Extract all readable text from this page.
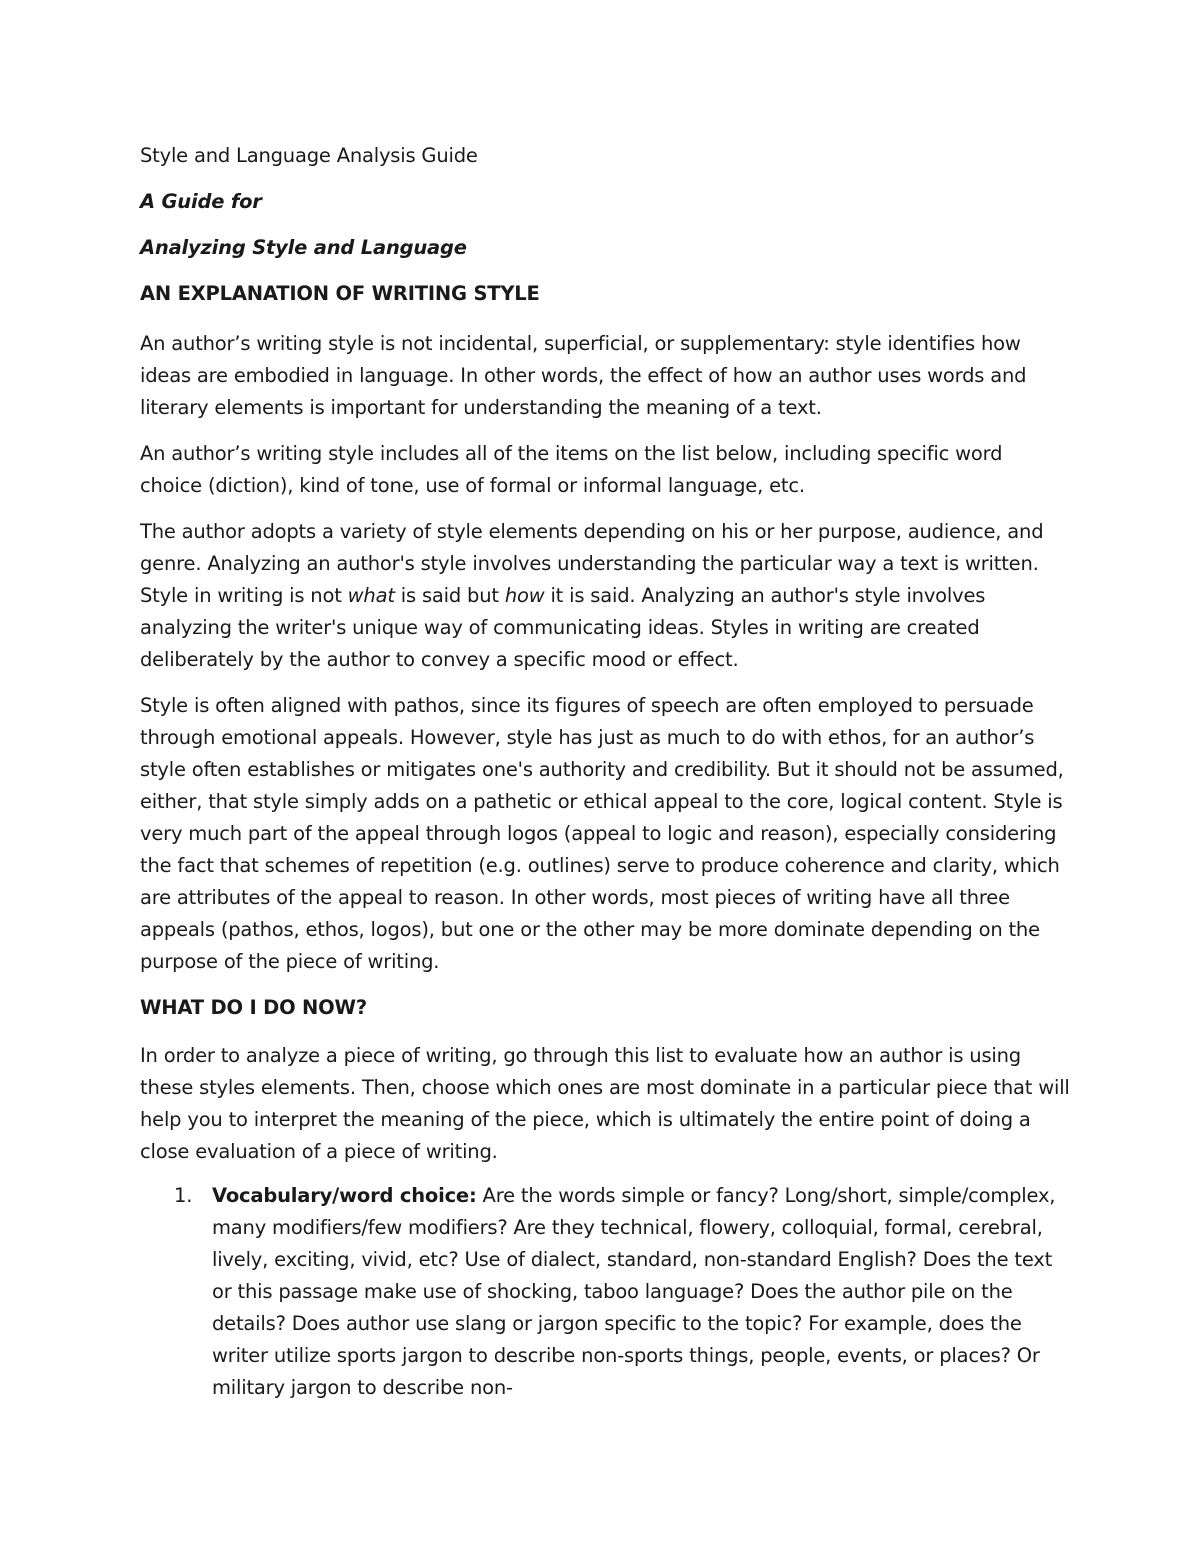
Style and Language Analysis Guide

A Guide for

Analyzing Style and Language

AN EXPLANATION OF WRITING STYLE

An author’s writing style is not incidental, superficial, or supplementary: style identifies how ideas are embodied in language. In other words, the effect of how an author uses words and literary elements is important for understanding the meaning of a text.

An author’s writing style includes all of the items on the list below, including specific word choice (diction), kind of tone, use of formal or informal language, etc.

The author adopts a variety of style elements depending on his or her purpose, audience, and genre. Analyzing an author's style involves understanding the particular way a text is written. Style in writing is not what is said but how it is said. Analyzing an author's style involves analyzing the writer's unique way of communicating ideas. Styles in writing are created deliberately by the author to convey a specific mood or effect.

Style is often aligned with pathos, since its figures of speech are often employed to persuade through emotional appeals. However, style has just as much to do with ethos, for an author’s style often establishes or mitigates one's authority and credibility. But it should not be assumed, either, that style simply adds on a pathetic or ethical appeal to the core, logical content. Style is very much part of the appeal through logos (appeal to logic and reason), especially considering the fact that schemes of repetition (e.g. outlines) serve to produce coherence and clarity, which are attributes of the appeal to reason. In other words, most pieces of writing have all three appeals (pathos, ethos, logos), but one or the other may be more dominate depending on the purpose of the piece of writing.

WHAT DO I DO NOW?

In order to analyze a piece of writing, go through this list to evaluate how an author is using these styles elements. Then, choose which ones are most dominate in a particular piece that will help you to interpret the meaning of the piece, which is ultimately the entire point of doing a close evaluation of a piece of writing.

1. Vocabulary/word choice: Are the words simple or fancy? Long/short, simple/complex, many modifiers/few modifiers? Are they technical, flowery, colloquial, formal, cerebral, lively, exciting, vivid, etc? Use of dialect, standard, non-standard English? Does the text or this passage make use of shocking, taboo language? Does the author pile on the details? Does author use slang or jargon specific to the topic? For example, does the writer utilize sports jargon to describe non-sports things, people, events, or places? Or military jargon to describe non-
